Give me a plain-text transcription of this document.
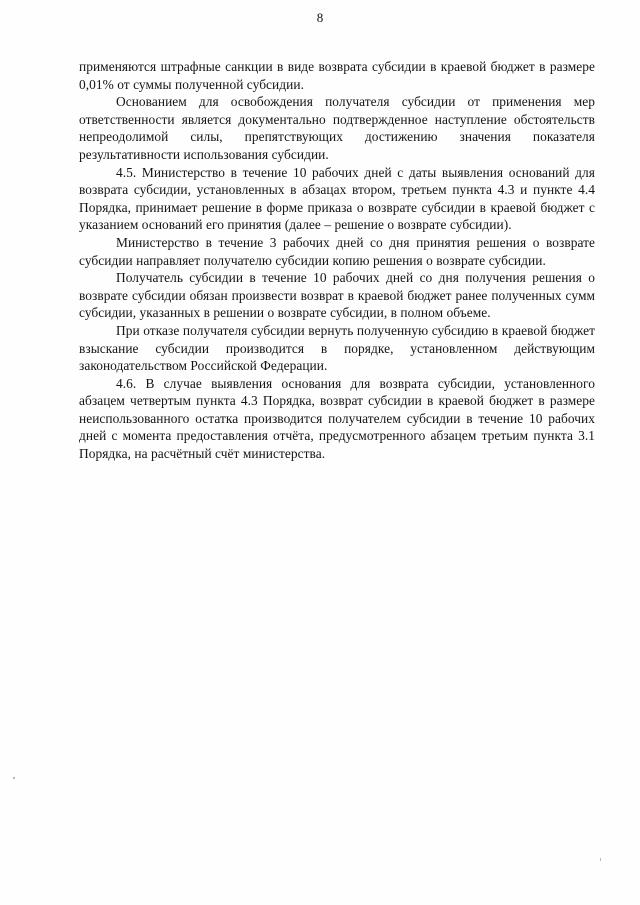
8

применяются штрафные санкции в виде возврата субсидии в краевой бюджет в размере 0,01% от суммы полученной субсидии.

Основанием для освобождения получателя субсидии от применения мер ответственности является документально подтвержденное наступление обстоятельств непреодолимой силы, препятствующих достижению значения показателя результативности использования субсидии.

4.5. Министерство в течение 10 рабочих дней с даты выявления оснований для возврата субсидии, установленных в абзацах втором, третьем пункта 4.3 и пункте 4.4 Порядка, принимает решение в форме приказа о возврате субсидии в краевой бюджет с указанием оснований его принятия (далее – решение о возврате субсидии).

Министерство в течение 3 рабочих дней со дня принятия решения о возврате субсидии направляет получателю субсидии копию решения о возврате субсидии.

Получатель субсидии в течение 10 рабочих дней со дня получения решения о возврате субсидии обязан произвести возврат в краевой бюджет ранее полученных сумм субсидии, указанных в решении о возврате субсидии, в полном объеме.

При отказе получателя субсидии вернуть полученную субсидию в краевой бюджет взыскание субсидии производится в порядке, установленном действующим законодательством Российской Федерации.

4.6. В случае выявления основания для возврата субсидии, установленного абзацем четвертым пункта 4.3 Порядка, возврат субсидии в краевой бюджет в размере неиспользованного остатка производится получателем субсидии в течение 10 рабочих дней с момента предоставления отчёта, предусмотренного абзацем третьим пункта 3.1 Порядка, на расчётный счёт министерства.
